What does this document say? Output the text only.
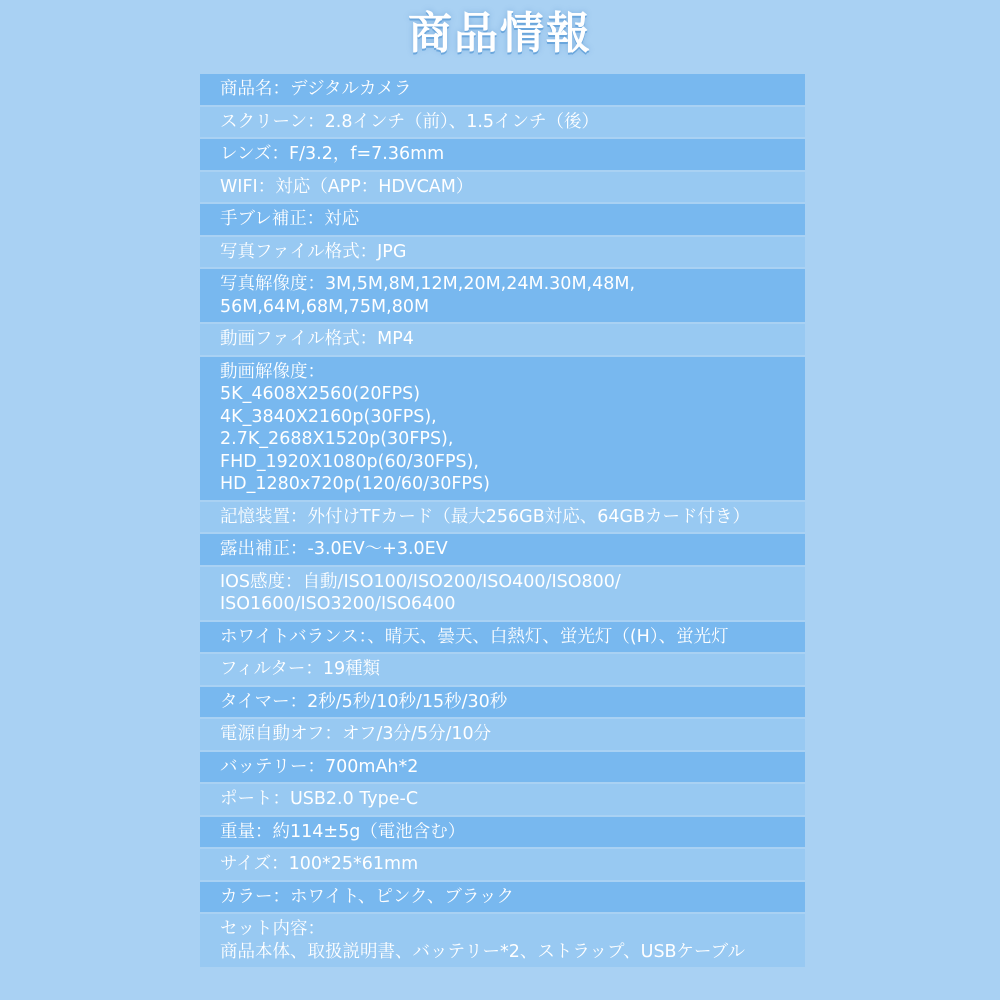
商品情報
商品名：デジタルカメラ
スクリーン：2.8インチ（前）、1.5インチ（後）
レンズ：F/3.2，f=7.36mm
WIFI：対応（APP：HDVCAM）
手ブレ補正：対応
写真ファイル格式：JPG
写真解像度：3M,5M,8M,12M,20M,24M.30M,48M,
56M,64M,68M,75M,80M
動画ファイル格式：MP4
動画解像度：
5K_4608X2560(20FPS)
4K_3840X2160p(30FPS),
2.7K_2688X1520p(30FPS),
FHD_1920X1080p(60/30FPS),
HD_1280x720p(120/60/30FPS)
記憶装置：外付けTFカード（最大256GB対応、64GBカード付き）
露出補正：-3.0EV～+3.0EV
IOS感度：自動/ISO100/ISO200/ISO400/ISO800/
ISO1600/ISO3200/ISO6400
ホワイトバランス：、晴天、曇天、白熱灯、蛍光灯（(H）、蛍光灯
フィルター：19種類
タイマー：2秒/5秒/10秒/15秒/30秒
電源自動オフ：オフ/3分/5分/10分
バッテリー：700mAh*2
ポート：USB2.0 Type-C
重量：約114±5g（電池含む）
サイズ：100*25*61mm
カラー：ホワイト、ピンク、ブラック
セット内容：
商品本体、取扱説明書、バッテリー*2、ストラップ、USBケーブル
